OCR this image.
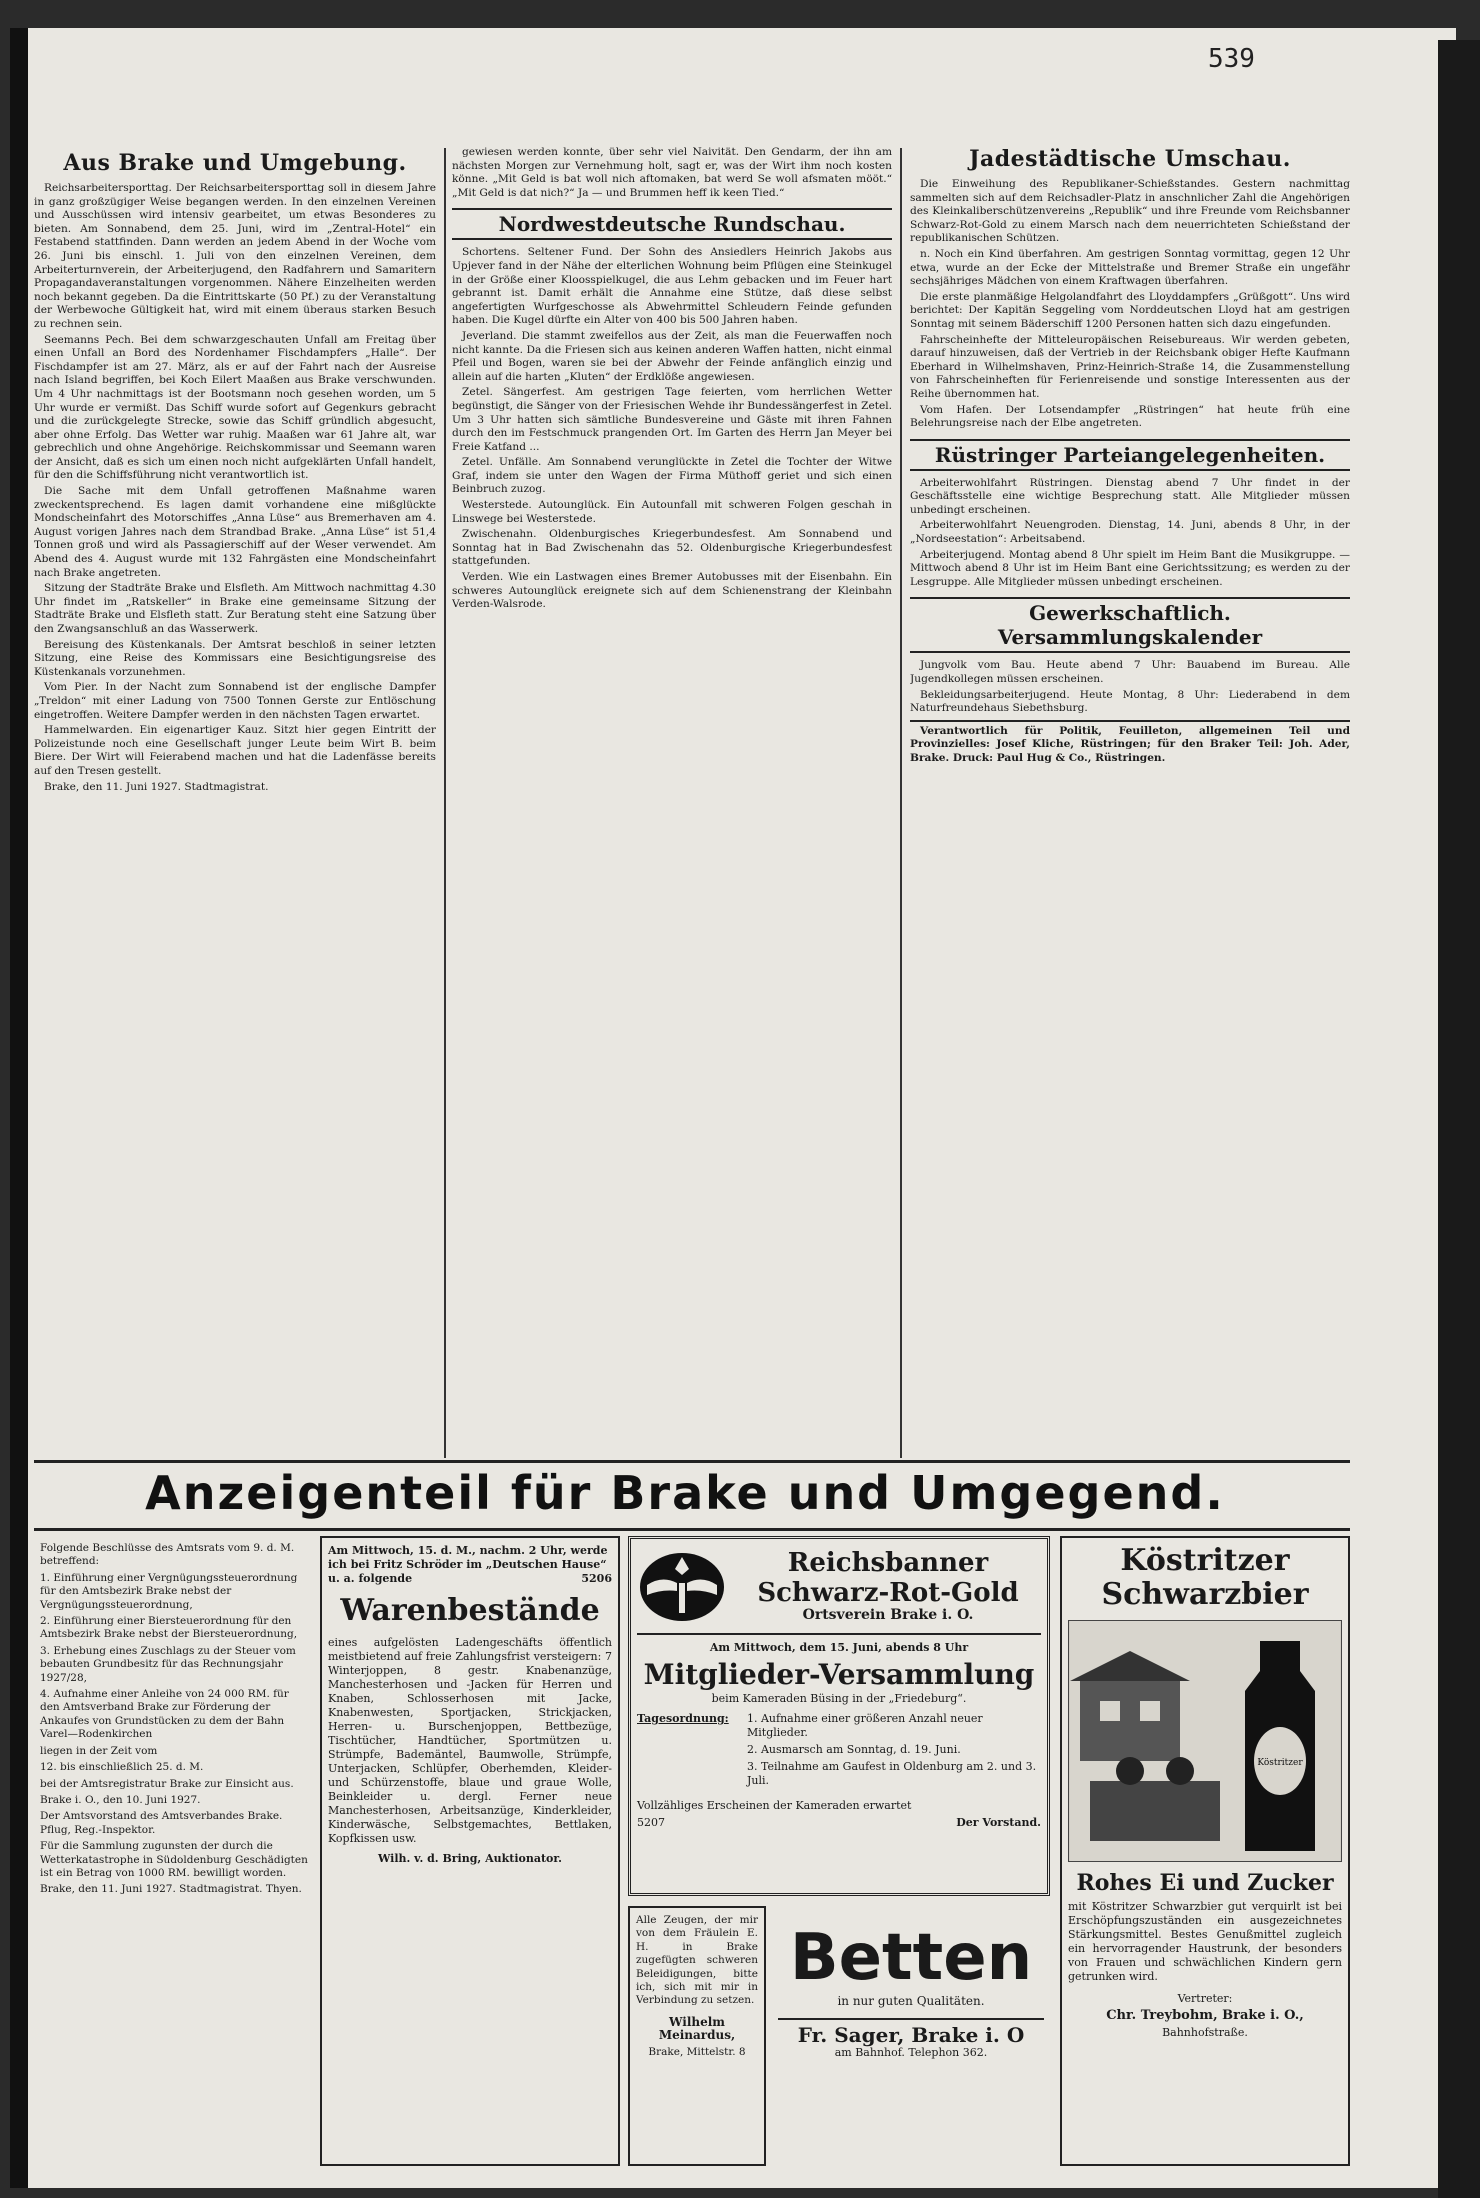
539
Aus Brake und Umgebung.

Reichsarbeitersporttag. Der Reichsarbeitersporttag soll in diesem Jahre in ganz großzügiger Weise begangen werden. In den einzelnen Vereinen und Ausschüssen wird intensiv gearbeitet, um etwas Besonderes zu bieten. Am Sonnabend, dem 25. Juni, wird im „Zentral-Hotel“ ein Festabend stattfinden. Dann werden an jedem Abend in der Woche vom 26. Juni bis einschl. 1. Juli von den einzelnen Vereinen, dem Arbeiterturnverein, der Arbeiterjugend, den Radfahrern und Samaritern Propagandaveranstaltungen vorgenommen. Nähere Einzelheiten werden noch bekannt gegeben. Da die Eintrittskarte (50 Pf.) zu der Veranstaltung der Werbewoche Gültigkeit hat, wird mit einem überaus starken Besuch zu rechnen sein.

Seemanns Pech. Bei dem schwarzgeschauten Unfall am Freitag über einen Unfall an Bord des Nordenhamer Fischdampfers „Halle“. Der Fischdampfer ist am 27. März, als er auf der Fahrt nach der Ausreise nach Island begriffen, bei Koch Eilert Maaßen aus Brake verschwunden. Um 4 Uhr nachmittags ist der Bootsmann noch gesehen worden, um 5 Uhr wurde er vermißt. Das Schiff wurde sofort auf Gegenkurs gebracht und die zurückgelegte Strecke, sowie das Schiff gründlich abgesucht, aber ohne Erfolg. Das Wetter war ruhig. Maaßen war 61 Jahre alt, war gebrechlich und ohne Angehörige. Reichskommissar und Seemann waren der Ansicht, daß es sich um einen noch nicht aufgeklärten Unfall handelt, für den die Schiffsführung nicht verantwortlich ist.

Die Sache mit dem Unfall getroffenen Maßnahme waren zweckentsprechend. Es lagen damit vorhandene eine mißglückte Mondscheinfahrt des Motorschiffes „Anna Lüse“ aus Bremerhaven am 4. August vorigen Jahres nach dem Strandbad Brake. „Anna Lüse“ ist 51,4 Tonnen groß und wird als Passagierschiff auf der Weser verwendet. Am Abend des 4. August wurde mit 132 Fahrgästen eine Mondscheinfahrt nach Brake angetreten.

Sitzung der Stadträte Brake und Elsfleth. Am Mittwoch nachmittag 4.30 Uhr findet im „Ratskeller“ in Brake eine gemeinsame Sitzung der Stadträte Brake und Elsfleth statt. Zur Beratung steht eine Satzung über den Zwangsanschluß an das Wasserwerk.

Bereisung des Küstenkanals. Der Amtsrat beschloß in seiner letzten Sitzung, eine Reise des Kommissars eine Besichtigungsreise des Küstenkanals vorzunehmen.

Vom Pier. In der Nacht zum Sonnabend ist der englische Dampfer „Treldon“ mit einer Ladung von 7500 Tonnen Gerste zur Entlöschung eingetroffen. Weitere Dampfer werden in den nächsten Tagen erwartet.

Hammelwarden. Ein eigenartiger Kauz. Sitzt hier gegen Eintritt der Polizeistunde noch eine Gesellschaft junger Leute beim Wirt B. beim Biere. Der Wirt will Feierabend machen und hat die Ladenfässe bereits auf den Tresen gestellt.

Brake, den 11. Juni 1927. Stadtmagistrat.

gewiesen werden konnte, über sehr viel Naivität. Den Gendarm, der ihn am nächsten Morgen zur Vernehmung holt, sagt er, was der Wirt ihm noch kosten könne. „Mit Geld is bat woll nich aftomaken, bat werd Se woll afsmaten mööt.“ „Mit Geld is dat nich?“ Ja — und Brummen heff ik keen Tied.“

Nordwestdeutsche Rundschau.

Schortens. Seltener Fund. Der Sohn des Ansiedlers Heinrich Jakobs aus Upjever fand in der Nähe der elterlichen Wohnung beim Pflügen eine Steinkugel in der Größe einer Kloosspielkugel, die aus Lehm gebacken und im Feuer hart gebrannt ist. Damit erhält die Annahme eine Stütze, daß diese selbst angefertigten Wurfgeschosse als Abwehrmittel Schleudern Feinde gefunden haben. Die Kugel dürfte ein Alter von 400 bis 500 Jahren haben.

Jeverland. Die stammt zweifellos aus der Zeit, als man die Feuerwaffen noch nicht kannte. Da die Friesen sich aus keinen anderen Waffen hatten, nicht einmal Pfeil und Bogen, waren sie bei der Abwehr der Feinde anfänglich einzig und allein auf die harten „Kluten“ der Erdklöße angewiesen.

Zetel. Sängerfest. Am gestrigen Tage feierten, vom herrlichen Wetter begünstigt, die Sänger von der Friesischen Wehde ihr Bundessängerfest in Zetel. Um 3 Uhr hatten sich sämtliche Bundesvereine und Gäste mit ihren Fahnen durch den im Festschmuck prangenden Ort. Im Garten des Herrn Jan Meyer bei Freie Katfand ...

Zetel. Unfälle. Am Sonnabend verunglückte in Zetel die Tochter der Witwe Graf, indem sie unter den Wagen der Firma Müthoff geriet und sich einen Beinbruch zuzog.

Westerstede. Autounglück. Ein Autounfall mit schweren Folgen geschah in Linswege bei Westerstede.

Zwischenahn. Oldenburgisches Kriegerbundesfest. Am Sonnabend und Sonntag hat in Bad Zwischenahn das 52. Oldenburgische Kriegerbundesfest stattgefunden.

Verden. Wie ein Lastwagen eines Bremer Autobusses mit der Eisenbahn. Ein schweres Autounglück ereignete sich auf dem Schienenstrang der Kleinbahn Verden-Walsrode.

Jadestädtische Umschau.

Die Einweihung des Republikaner-Schießstandes. Gestern nachmittag sammelten sich auf dem Reichsadler-Platz in anschnlicher Zahl die Angehörigen des Kleinkaliberschützenvereins „Republik“ und ihre Freunde vom Reichsbanner Schwarz-Rot-Gold zu einem Marsch nach dem neuerrichteten Schießstand der republikanischen Schützen.

n. Noch ein Kind überfahren. Am gestrigen Sonntag vormittag, gegen 12 Uhr etwa, wurde an der Ecke der Mittelstraße und Bremer Straße ein ungefähr sechsjähriges Mädchen von einem Kraftwagen überfahren.

Die erste planmäßige Helgolandfahrt des Lloyddampfers „Grüßgott“. Uns wird berichtet: Der Kapitän Seggeling vom Norddeutschen Lloyd hat am gestrigen Sonntag mit seinem Bäderschiff 1200 Personen hatten sich dazu eingefunden.

Fahrscheinhefte der Mitteleuropäischen Reisebureaus. Wir werden gebeten, darauf hinzuweisen, daß der Vertrieb in der Reichsbank obiger Hefte Kaufmann Eberhard in Wilhelmshaven, Prinz-Heinrich-Straße 14, die Zusammenstellung von Fahrscheinheften für Ferienreisende und sonstige Interessenten aus der Reihe übernommen hat.

Vom Hafen. Der Lotsendampfer „Rüstringen“ hat heute früh eine Belehrungsreise nach der Elbe angetreten.

Rüstringer Parteiangelegenheiten.

Arbeiterwohlfahrt Rüstringen. Dienstag abend 7 Uhr findet in der Geschäftsstelle eine wichtige Besprechung statt. Alle Mitglieder müssen unbedingt erscheinen.

Arbeiterwohlfahrt Neuengroden. Dienstag, 14. Juni, abends 8 Uhr, in der „Nordseestation“: Arbeitsabend.

Arbeiterjugend. Montag abend 8 Uhr spielt im Heim Bant die Musikgruppe. — Mittwoch abend 8 Uhr ist im Heim Bant eine Gerichtssitzung; es werden zu der Lesgruppe. Alle Mitglieder müssen unbedingt erscheinen.

Gewerkschaftlich. Versammlungskalender

Jungvolk vom Bau. Heute abend 7 Uhr: Bauabend im Bureau. Alle Jugendkollegen müssen erscheinen.

Bekleidungsarbeiterjugend. Heute Montag, 8 Uhr: Liederabend in dem Naturfreundehaus Siebethsburg.

Verantwortlich für Politik, Feuilleton, allgemeinen Teil und Provinzielles: Josef Kliche, Rüstringen; für den Braker Teil: Joh. Ader, Brake. Druck: Paul Hug & Co., Rüstringen.

Anzeigenteil für Brake und Umgegend.

Folgende Beschlüsse des Amtsrats vom 9. d. M. betreffend:

1. Einführung einer Vergnügungssteuerordnung für den Amtsbezirk Brake nebst der Vergnügungssteuerordnung,

2. Einführung einer Biersteuerordnung für den Amtsbezirk Brake nebst der Biersteuerordnung,

3. Erhebung eines Zuschlags zu der Steuer vom bebauten Grundbesitz für das Rechnungsjahr 1927/28,

4. Aufnahme einer Anleihe von 24 000 RM. für den Amtsverband Brake zur Förderung der Ankaufes von Grundstücken zu dem der Bahn Varel—Rodenkirchen

liegen in der Zeit vom

12. bis einschließlich 25. d. M.

bei der Amtsregistratur Brake zur Einsicht aus.

Brake i. O., den 10. Juni 1927.

Der Amtsvorstand des Amtsverbandes Brake. Pflug, Reg.-Inspektor.

Für die Sammlung zugunsten der durch die Wetterkatastrophe in Südoldenburg Geschädigten ist ein Betrag von 1000 RM. bewilligt worden.

Brake, den 11. Juni 1927. Stadtmagistrat. Thyen.

Am Mittwoch, 15. d. M., nachm. 2 Uhr, werde ich bei Fritz Schröder im „Deutschen Hause“ u. a. folgende	5206

Warenbestände

eines aufgelösten Ladengeschäfts öffentlich meistbietend auf freie Zahlungsfrist versteigern: 7 Winterjoppen, 8 gestr. Knabenanzüge, Manchesterhosen und -Jacken für Herren und Knaben, Schlosserhosen mit Jacke, Knabenwesten, Sportjacken, Strickjacken, Herren- u. Burschenjoppen, Bettbezüge, Tischtücher, Handtücher, Sportmützen u. Strümpfe, Bademäntel, Baumwolle, Strümpfe, Unterjacken, Schlüpfer, Oberhemden, Kleider- und Schürzenstoffe, blaue und graue Wolle, Beinkleider u. dergl. Ferner neue Manchesterhosen, Arbeitsanzüge, Kinderkleider, Kinderwäsche, Selbstgemachtes, Bettlaken, Kopfkissen usw.

Wilh. v. d. Bring, Auktionator.

Reichsbanner
Schwarz-Rot-Gold
Ortsverein Brake i. O.

Am Mittwoch, dem 15. Juni, abends 8 Uhr

Mitglieder-Versammlung

beim Kameraden Büsing in der „Friedeburg“.

Tagesordnung:	1. Aufnahme einer größeren Anzahl neuer Mitglieder.

2. Ausmarsch am Sonntag, d. 19. Juni.

3. Teilnahme am Gaufest in Oldenburg am 2. und 3. Juli.

Vollzähliges Erscheinen der Kameraden erwartet

5207	Der Vorstand.

Alle Zeugen, der mir von dem Fräulein E. H. in Brake zugefügten schweren Beleidigungen, bitte ich, sich mit mir in Verbindung zu setzen.

Wilhelm Meinardus,

Brake, Mittelstr. 8

Betten

in nur guten Qualitäten.

Fr. Sager, Brake i. O

am Bahnhof. Telephon 362.

Köstritzer
Schwarzbier
Köstritzer
Rohes Ei und Zucker

mit Köstritzer Schwarzbier gut verquirlt ist bei Erschöpfungszuständen ein ausgezeichnetes Stärkungsmittel. Bestes Genußmittel zugleich ein hervorragender Haustrunk, der besonders von Frauen und schwächlichen Kindern gern getrunken wird.

Vertreter:

Chr. Treybohm, Brake i. O.,

Bahnhofstraße.
